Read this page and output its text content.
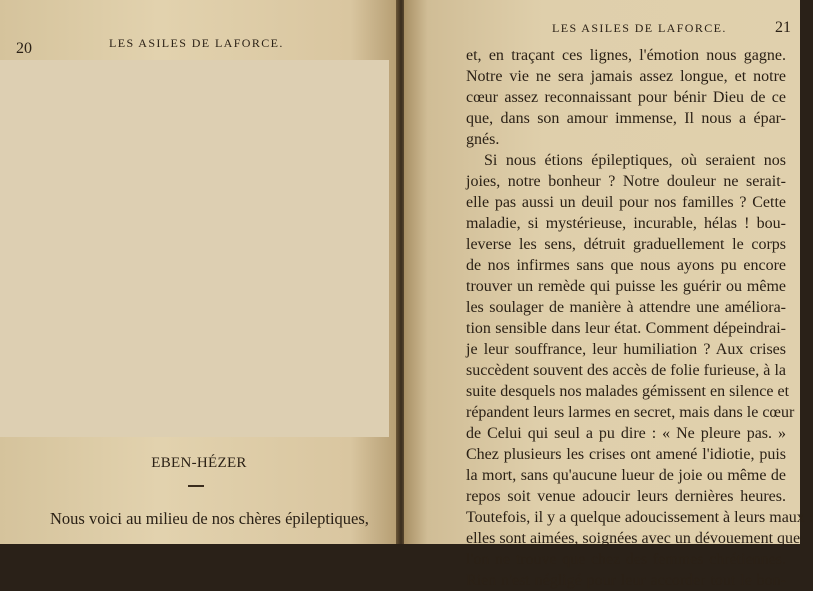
20	LES ASILES DE LAFORCE.
EBEN-HÉZER
Nous voici au milieu de nos chères épileptiques,
LES ASILES DE LAFORCE.	21
et, en traçant ces lignes, l'émotion nous gagne.
Notre vie ne sera jamais assez longue, et notre
cœur assez reconnaissant pour bénir Dieu de ce
que, dans son amour immense, Il nous a épar-
gnés.
Si nous étions épileptiques, où seraient nos
joies, notre bonheur ? Notre douleur ne serait-
elle pas aussi un deuil pour nos familles ? Cette
maladie, si mystérieuse, incurable, hélas ! bou-
leverse les sens, détruit graduellement le corps
de nos infirmes sans que nous ayons pu encore
trouver un remède qui puisse les guérir ou même
les soulager de manière à attendre une améliora-
tion sensible dans leur état. Comment dépeindrai-
je leur souffrance, leur humiliation ? Aux crises
succèdent souvent des accès de folie furieuse, à la
suite desquels nos malades gémissent en silence et
répandent leurs larmes en secret, mais dans le cœur
de Celui qui seul a pu dire : « Ne pleure pas. »
Chez plusieurs les crises ont amené l'idiotie, puis
la mort, sans qu'aucune lueur de joie ou même de
repos soit venue adoucir leurs dernières heures.
Toutefois, il y a quelque adoucissement à leurs maux :
elles sont aimées, soignées avec un dévouement que
l'on ne trouve que chez des femmes chrétiennes.
Rien n'est négligé pour leur accorder tout le bon-
